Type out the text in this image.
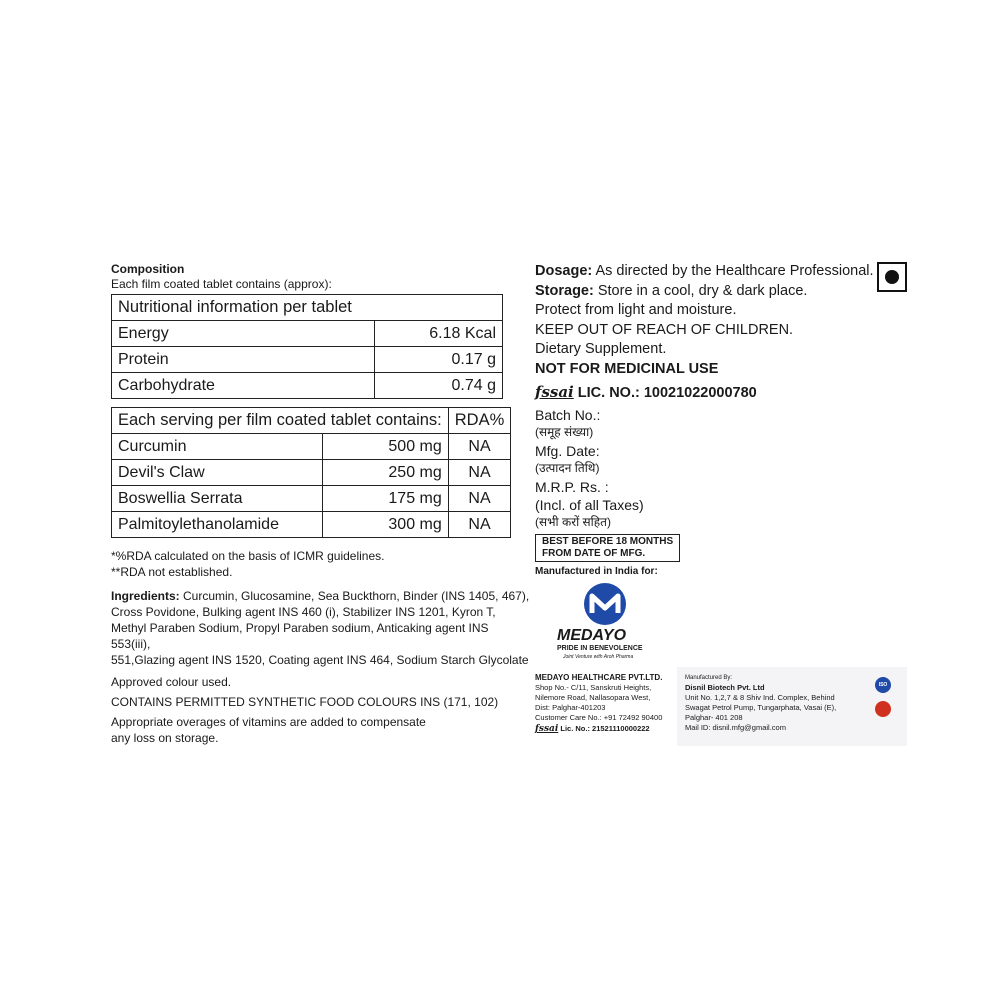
Composition

Each film coated tablet contains (approx):

Nutritional information per tablet	
Energy	6.18 Kcal
Protein	0.17 g
Carbohydrate	0.74 g
Each serving per film coated tablet contains:		RDA%
Curcumin	500 mg	NA
Devil's Claw	250 mg	NA
Boswellia Serrata	175 mg	NA
Palmitoylethanolamide	300 mg	NA
*%RDA calculated on the basis of ICMR guidelines.
**RDA not established.
Ingredients: Curcumin, Glucosamine, Sea Buckthorn, Binder (INS 1405, 467),
Cross Povidone, Bulking agent INS 460 (i), Stabilizer INS 1201, Kyron T,
Methyl Paraben Sodium, Propyl Paraben sodium, Anticaking agent INS 553(iii),
551,Glazing agent INS 1520, Coating agent INS 464, Sodium Starch Glycolate
Approved colour used.
CONTAINS PERMITTED SYNTHETIC FOOD COLOURS INS (171, 102)
Appropriate overages of vitamins are added to compensate
any loss on storage.
Dosage: As directed by the Healthcare Professional.
Storage: Store in a cool, dry & dark place.
Protect from light and moisture.
KEEP OUT OF REACH OF CHILDREN.
Dietary Supplement.
NOT FOR MEDICINAL USE
fssai LIC. NO.: 10021022000780
Batch No.:
(समूह संख्या)
Mfg. Date:
(उत्पादन तिथि)
M.R.P. Rs. :
(Incl. of all Taxes)
(सभी करों सहित)
BEST BEFORE 18 MONTHS
FROM DATE OF MFG.
Manufactured in India for:
MEDAYO
PRIDE IN BENEVOLENCE
Joint Venture with Aroh Pharma
MEDAYO HEALTHCARE PVT.LTD.
Shop No.- C/11, Sanskruti Heights,
Nilemore Road, Nallasopara West,
Dist: Palghar-401203
Customer Care No.: +91 72492 90400
fssai Lic. No.: 21521110000222
Manufactured By:
Disnil Biotech Pvt. Ltd
Unit No. 1,2,7 & 8 Shiv Ind. Complex, Behind
Swagat Petrol Pump, Tungarphata, Vasai (E),
Palghar- 401 208
Mail ID: disnil.mfg@gmail.com
ISO
